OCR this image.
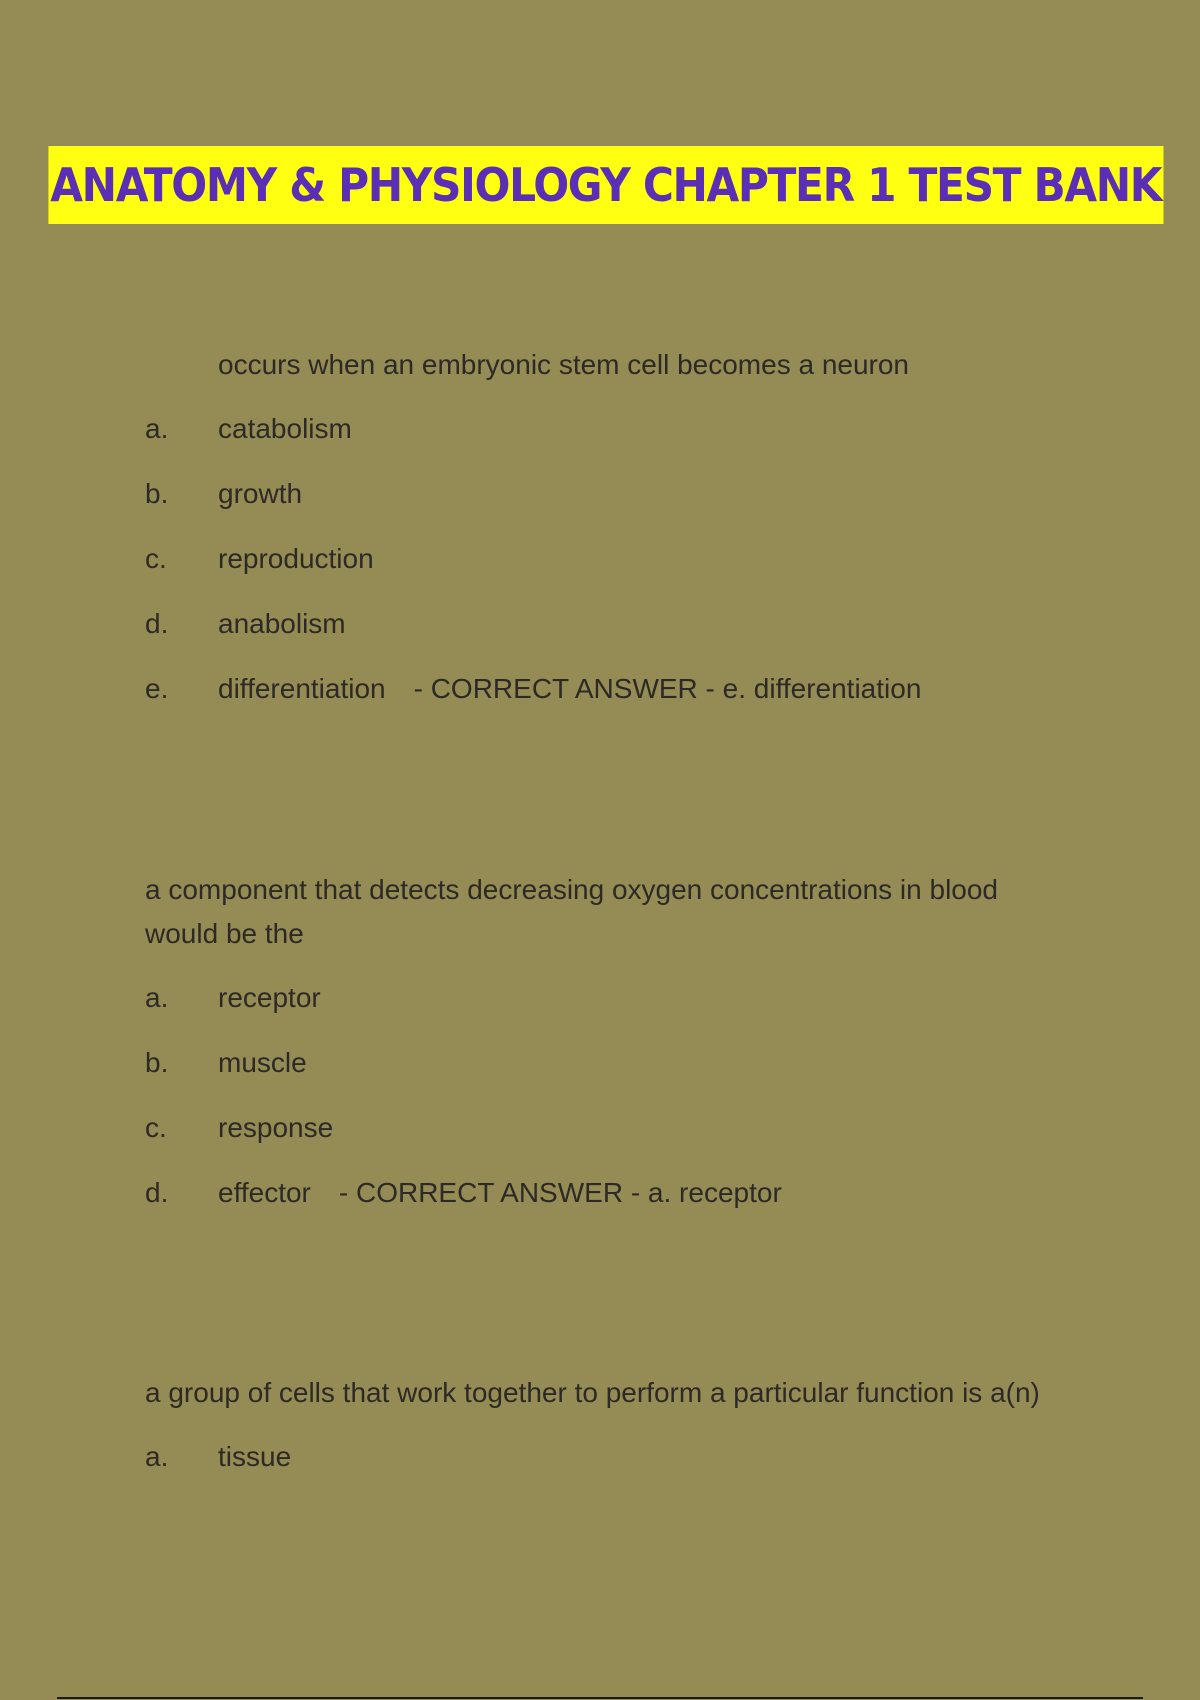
ANATOMY & PHYSIOLOGY CHAPTER 1 TEST BANK

occurs when an embryonic stem cell becomes a neuron

a.	catabolism
b.	growth
c.	reproduction
d.	anabolism
e.	differentiation - CORRECT ANSWER - e. differentiation

a component that detects decreasing oxygen concentrations in blood would be the

a.	receptor
b.	muscle
c.	response
d.	effector - CORRECT ANSWER - a. receptor

a group of cells that work together to perform a particular function is a(n)

a.	tissue
